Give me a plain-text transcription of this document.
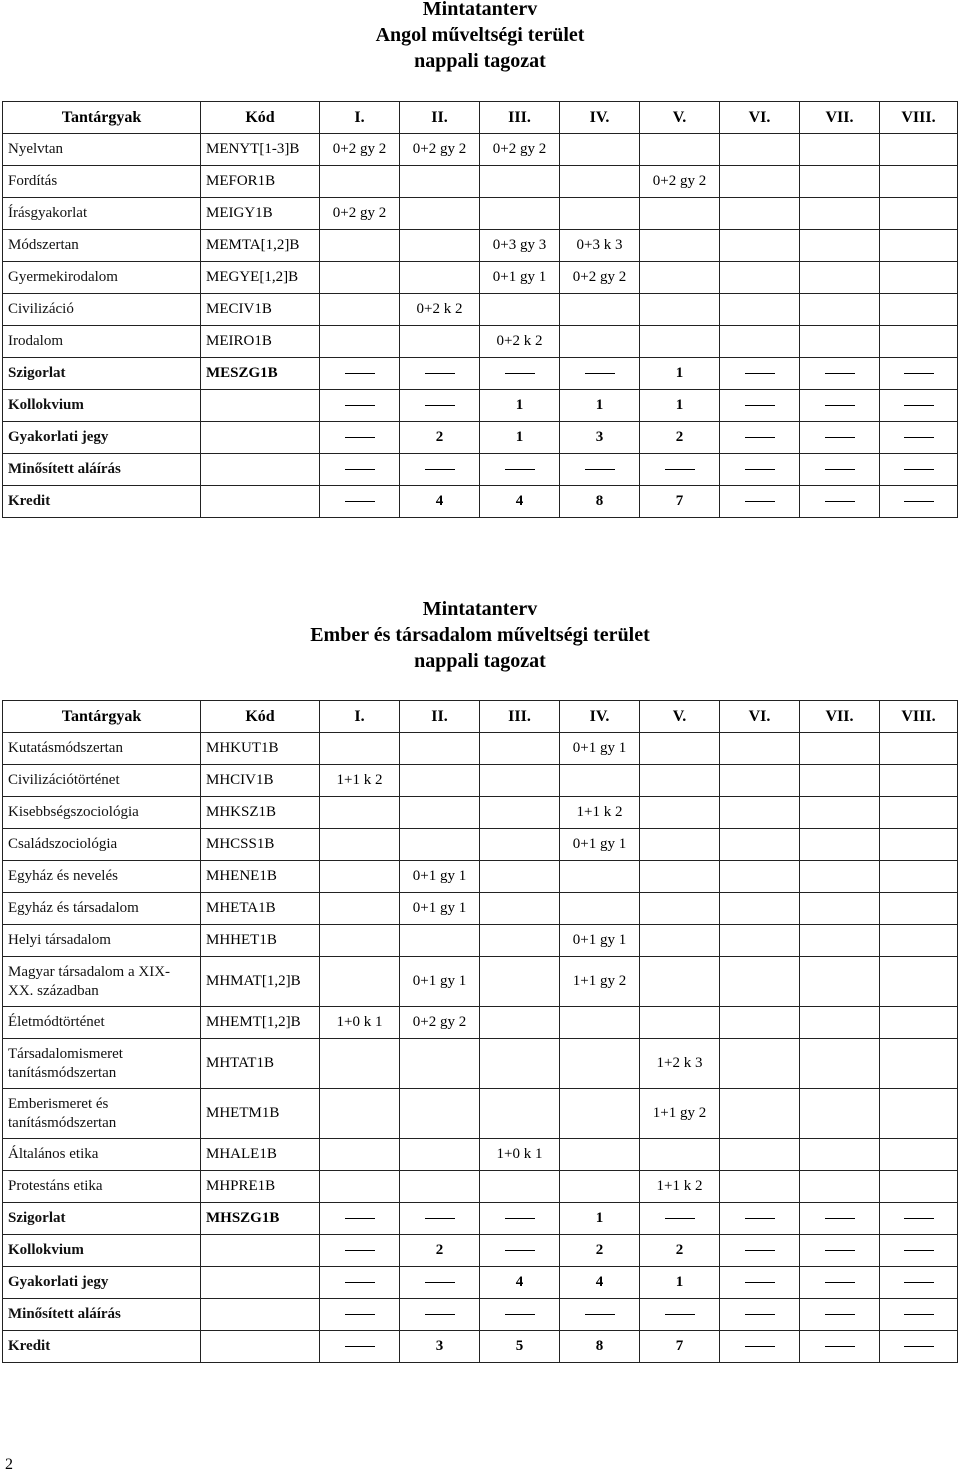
Mintatanterv
Angol műveltségi terület
nappali tagozat
Tantárgyak	Kód	I.	II.	III.	IV.	V.	VI.	VII.	VIII.
Nyelvtan	MENYT[1-3]B	0+2 gy 2	0+2 gy 2	0+2 gy 2					
Fordítás	MEFOR1B					0+2 gy 2			
Írásgyakorlat	MEIGY1B	0+2 gy 2							
Módszertan	MEMTA[1,2]B			0+3 gy 3	0+3 k 3				
Gyermekirodalom	MEGYE[1,2]B			0+1 gy 1	0+2 gy 2				
Civilizáció	MECIV1B		0+2 k 2						
Irodalom	MEIRO1B			0+2 k 2					
Szigorlat	MESZG1B					1			
Kollokvium				1	1	1			
Gyakorlati jegy			2	1	3	2			
Minősített aláírás									
Kredit			4	4	8	7			
Mintatanterv
Ember és társadalom műveltségi terület
nappali tagozat
Tantárgyak	Kód	I.	II.	III.	IV.	V.	VI.	VII.	VIII.
Kutatásmódszertan	MHKUT1B				0+1 gy 1				
Civilizációtörténet	MHCIV1B	1+1 k 2							
Kisebbségszociológia	MHKSZ1B				1+1 k 2				
Családszociológia	MHCSS1B				0+1 gy 1				
Egyház és nevelés	MHENE1B		0+1 gy 1						
Egyház és társadalom	MHETA1B		0+1 gy 1						
Helyi társadalom	MHHET1B				0+1 gy 1				
Magyar társadalom a XIX-XX. században	MHMAT[1,2]B		0+1 gy 1		1+1 gy 2				
Életmódtörténet	MHEMT[1,2]B	1+0 k 1	0+2 gy 2						
Társadalomismeret tanításmódszertan	MHTAT1B					1+2 k 3			
Emberismeret és tanításmódszertan	MHETM1B					1+1 gy 2			
Általános etika	MHALE1B			1+0 k 1					
Protestáns etika	MHPRE1B					1+1 k 2			
Szigorlat	MHSZG1B				1				
Kollokvium			2		2	2			
Gyakorlati jegy				4	4	1			
Minősített aláírás									
Kredit			3	5	8	7			
2
